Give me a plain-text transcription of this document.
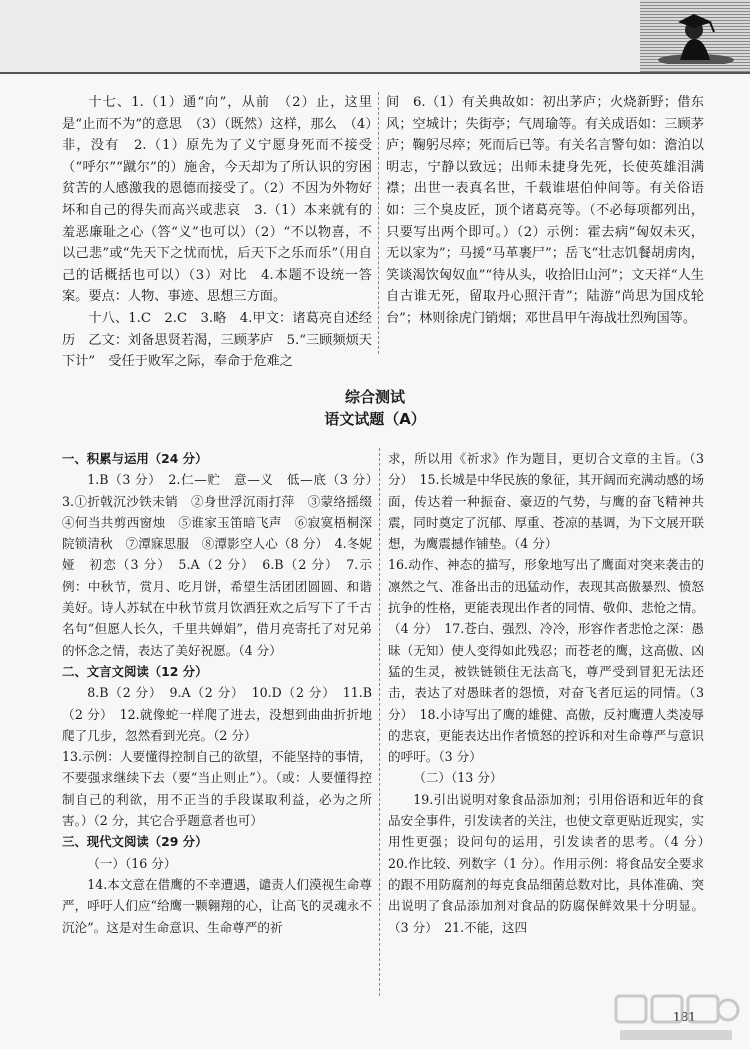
十七、1.（1）通“向”，从前　（2）止，这里是“止而不为”的意思　（3）（既然）这样，那么　（4）非，没有　2.（1）原先为了义宁愿身死而不接受（“呼尔”“蹴尔”的）施舍，今天却为了所认识的穷困贫苦的人感激我的恩德而接受了。（2）不因为外物好坏和自己的得失而高兴或悲哀　3.（1）本来就有的羞恶廉耻之心（答“义”也可以）（2）“不以物喜，不以己悲”或“先天下之忧而忧，后天下之乐而乐”（用自己的话概括也可以）（3）对比　4.本题不设统一答案。要点：人物、事迹、思想三方面。

十八、1.C　2.C　3.略　4.甲文：诸葛亮自述经历　乙文：刘备思贤若渴，三顾茅庐　5.“三顾频烦天下计”　受任于败军之际，奉命于危难之

间　6.（1）有关典故如：初出茅庐；火烧新野；借东风；空城计；失街亭；气周瑜等。有关成语如：三顾茅庐；鞠躬尽瘁；死而后已等。有关名言警句如：澹泊以明志，宁静以致远；出师未捷身先死，长使英雄泪满襟；出世一表真名世，千载谁堪伯仲间等。有关俗语如：三个臭皮匠，顶个诸葛亮等。（不必每项都列出，只要写出两个即可。）（2）示例：霍去病“匈奴未灭，无以家为”；马援“马革裹尸”；岳飞“壮志饥餐胡虏肉，笑谈渴饮匈奴血”“待从头，收拾旧山河”；文天祥“人生自古谁无死，留取丹心照汗青”；陆游“尚思为国戍轮台”；林则徐虎门销烟；邓世昌甲午海战壮烈殉国等。

综合测试

语文试题（A）

一、积累与运用（24 分）

1.B（3 分）　2.仁—贮　意—义　低—底（3 分）　3.①折戟沉沙铁未销　②身世浮沉雨打萍　③蒙络摇缀　④何当共剪西窗烛　⑤谁家玉笛暗飞声　⑥寂寞梧桐深院锁清秋　⑦潭寐思服　⑧潭影空人心（8 分）　4.冬妮娅　初恋（3 分）　5.A（2 分）　6.B（2 分）　7.示例：中秋节，赏月、吃月饼，希望生活团团圆圆、和谐美好。诗人苏轼在中秋节赏月饮酒狂欢之后写下了千古名句“但愿人长久，千里共婵娟”，借月亮寄托了对兄弟的怀念之情，表达了美好祝愿。（4 分）

二、文言文阅读（12 分）

8.B（2 分）　9.A（2 分）　10.D（2 分）　11.B（2 分）　12.就像蛇一样爬了进去，没想到曲曲折折地爬了几步，忽然看到光亮。（2 分）

13.示例：人要懂得控制自己的欲望，不能坚持的事情，不要强求继续下去（要“当止则止”）。（或：人要懂得控制自己的利欲，用不正当的手段谋取利益，必为之所害。）（2 分，其它合乎题意者也可）

三、现代文阅读（29 分）

（一）（16 分）

14.本文意在借鹰的不幸遭遇，谴责人们漠视生命尊严，呼吁人们应“给鹰一颗翱翔的心，让高飞的灵魂永不沉沦”。这是对生命意识、生命尊严的祈

求，所以用《祈求》作为题目，更切合文章的主旨。（3 分）　15.长城是中华民族的象征，其开阔而充满动感的场面，传达着一种振奋、豪迈的气势，与鹰的奋飞精神共震，同时奠定了沉郁、厚重、苍凉的基调，为下文展开联想，为鹰震撼作铺垫。（4 分）

16.动作、神态的描写，形象地写出了鹰面对突来袭击的凛然之气、准备出击的迅猛动作，表现其高傲暴烈、愤怒抗争的性格，更能表现出作者的同情、敬仰、悲怆之情。（4 分）　17.苍白、强烈、冷冷，形容作者悲怆之深：愚昧（无知）使人变得如此残忍；而苍老的鹰，这高傲、凶猛的生灵，被铁链锁住无法高飞，尊严受到冒犯无法还击，表达了对愚昧者的怨愤，对奋飞者厄运的同情。（3 分）　18.小诗写出了鹰的雄健、高傲，反衬鹰遭人类凌辱的悲哀，更能表达出作者愤怒的控诉和对生命尊严与意识的呼吁。（3 分）

（二）（13 分）

19.引出说明对象食品添加剂；引用俗语和近年的食品安全事件，引发读者的关注，也使文章更贴近现实，实用性更强；设问句的运用，引发读者的思考。（4 分）　20.作比较、列数字（1 分）。作用示例：将食品安全要求的跟不用防腐剂的每克食品细菌总数对比，具体准确、突出说明了食品添加剂对食品的防腐保鲜效果十分明显。（3 分）　21.不能，这四

181
